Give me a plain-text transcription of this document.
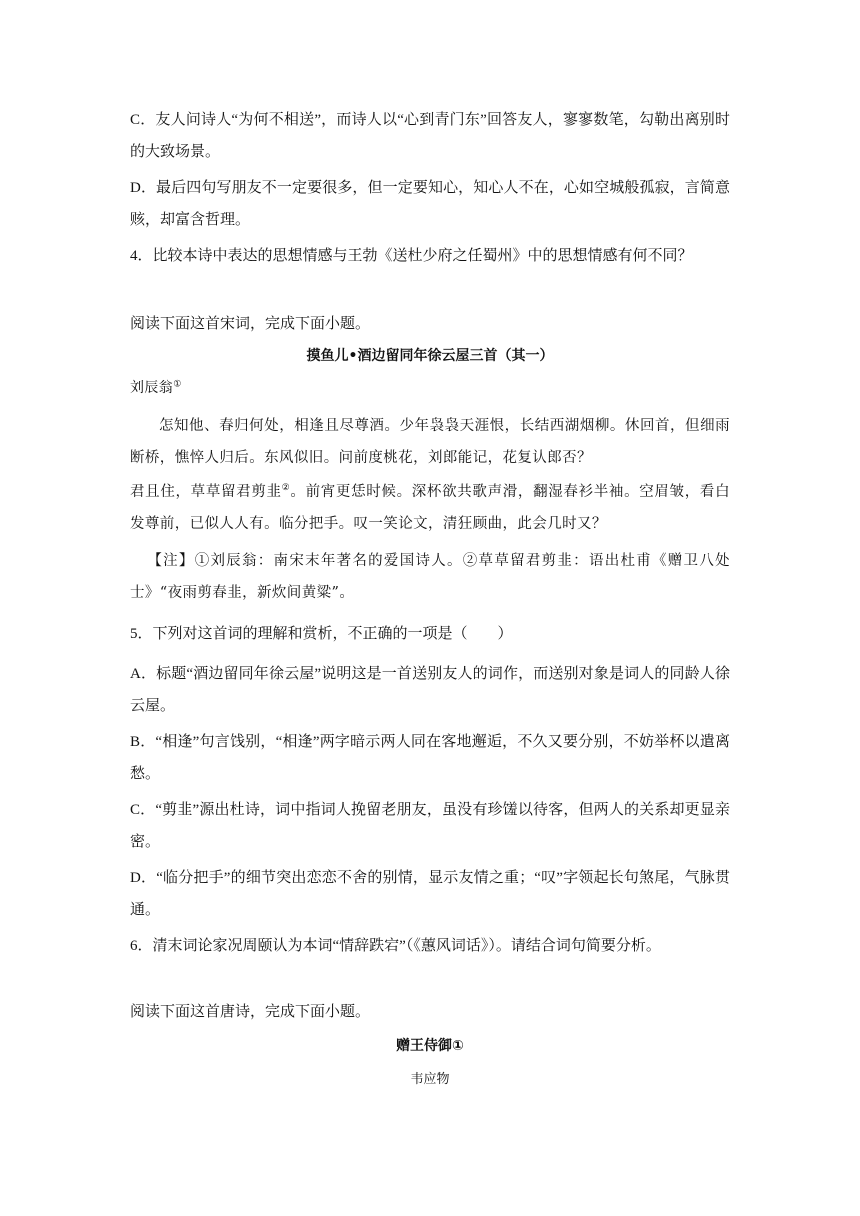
C．友人问诗人“为何不相送”，而诗人以“心到青门东”回答友人，寥寥数笔，勾勒出离别时的大致场景。

D．最后四句写朋友不一定要很多，但一定要知心，知心人不在，心如空城般孤寂，言简意赅，却富含哲理。

4．比较本诗中表达的思想情感与王勃《送杜少府之任蜀州》中的思想情感有何不同？

阅读下面这首宋词，完成下面小题。

摸鱼儿•酒边留同年徐云屋三首（其一）

刘辰翁①

怎知他、春归何处，相逢且尽尊酒。少年袅袅天涯恨，长结西湖烟柳。休回首，但细雨断桥，憔悴人归后。东风似旧。问前度桃花，刘郎能记，花复认郎否？

君且住，草草留君剪韭②。前宵更恁时候。深杯欲共歌声滑，翻湿春衫半袖。空眉皱，看白发尊前，已似人人有。临分把手。叹一笑论文，清狂顾曲，此会几时又？

【注】①刘辰翁：南宋末年著名的爱国诗人。②草草留君剪韭：语出杜甫《赠卫八处士》“夜雨剪春韭，新炊间黄粱”。

5．下列对这首词的理解和赏析，不正确的一项是（　　）

A．标题“酒边留同年徐云屋”说明这是一首送别友人的词作，而送别对象是词人的同龄人徐云屋。

B．“相逢”句言饯别，“相逢”两字暗示两人同在客地邂逅，不久又要分别，不妨举杯以遣离愁。

C．“剪韭”源出杜诗，词中指词人挽留老朋友，虽没有珍馐以待客，但两人的关系却更显亲密。

D．“临分把手”的细节突出恋恋不舍的别情，显示友情之重；“叹”字领起长句煞尾，气脉贯通。

6．清末词论家况周颐认为本词“情辞跌宕”（《蕙风词话》）。请结合词句简要分析。

阅读下面这首唐诗，完成下面小题。

赠王侍御①
韦应物
